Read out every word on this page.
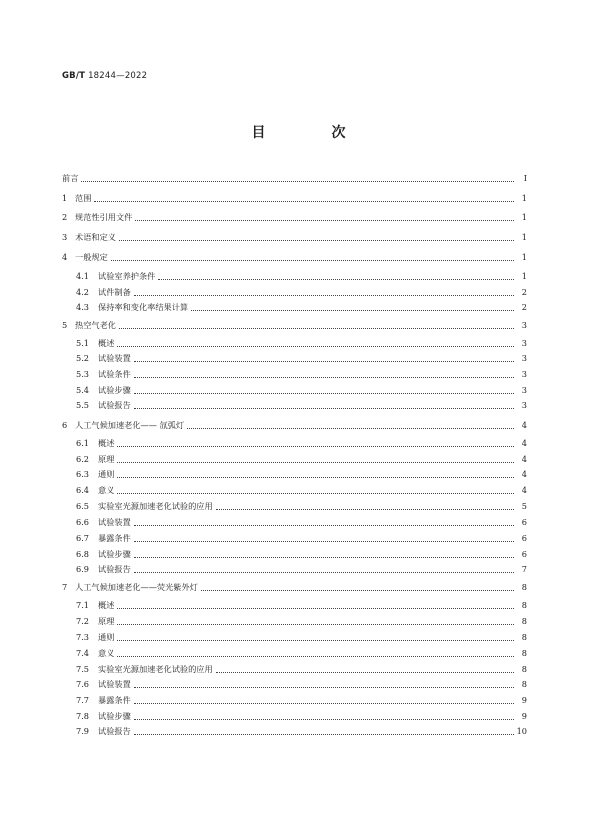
GB/T 18244—2022
目　次
前言	Ⅰ
1 范围	1
2 规范性引用文件	1
3 术语和定义	1
4 一般规定	1
4.1	试验室养护条件	1
4.2	试件制备	2
4.3	保持率和变化率结果计算	2
5 热空气老化	3
5.1	概述	3
5.2	试验装置	3
5.3	试验条件	3
5.4	试验步骤	3
5.5	试验报告	3
6 人工气候加速老化—— 氙弧灯	4
6.1	概述	4
6.2	原理	4
6.3	通则	4
6.4	意义	4
6.5	实验室光源加速老化试验的应用	5
6.6	试验装置	6
6.7	暴露条件	6
6.8	试验步骤	6
6.9	试验报告	7
7 人工气候加速老化——荧光紫外灯	8
7.1	概述	8
7.2	原理	8
7.3	通则	8
7.4	意义	8
7.5	实验室光源加速老化试验的应用	8
7.6	试验装置	8
7.7	暴露条件	9
7.8	试验步骤	9
7.9	试验报告	10
